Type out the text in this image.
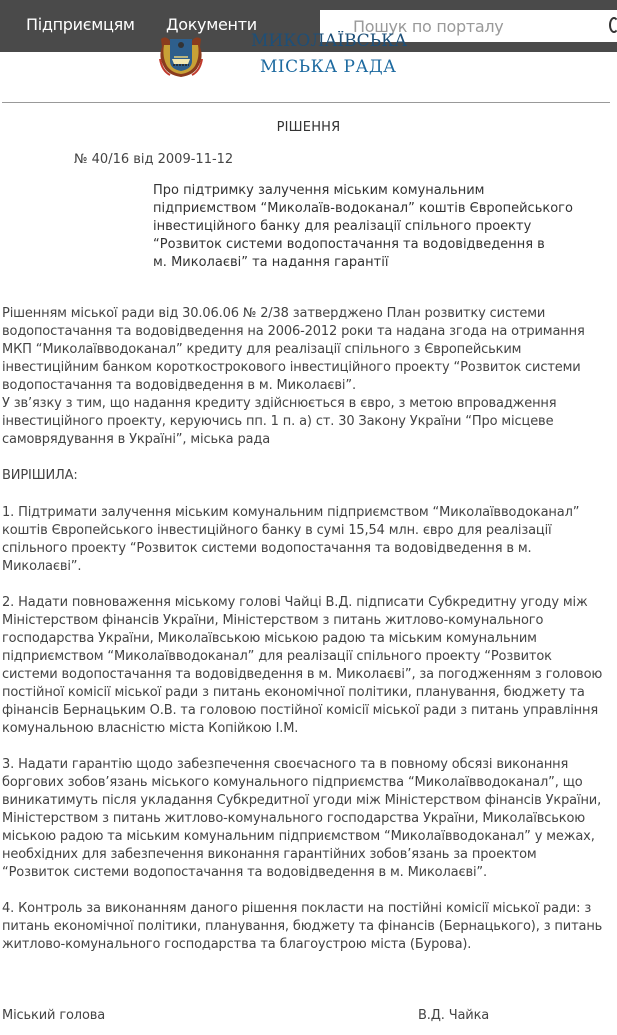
Підприємцям Документи
Пошук по порталу
МИКОЛАЇВСЬКА
МІСЬКА РАДА
РІШЕННЯ
№ 40/16 від 2009-11-12
Про підтримку залучення міським комунальним
підприємством “Миколаїв-водоканал” коштів Європейського
інвестиційного банку для реалізації спільного проекту
“Розвиток системи водопостачання та водовідведення в
м. Миколаєві” та надання гарантії
Рішенням міської ради від 30.06.06 № 2/38 затверджено План розвитку системи
водопостачання та водовідведення на 2006-2012 роки та надана згода на отримання
МКП “Миколаївводоканал” кредиту для реалізації спільного з Європейським
інвестиційним банком короткострокового інвестиційного проекту “Розвиток системи
водопостачання та водовідведення в м. Миколаєві”.
У зв’язку з тим, що надання кредиту здійснюється в євро, з метою впровадження
інвестиційного проекту, керуючись пп. 1 п. а) ст. 30 Закону України “Про місцеве
самоврядування в Україні”, міська рада
ВИРІШИЛА:
1. Підтримати залучення міським комунальним підприємством “Миколаївводоканал”
коштів Європейського інвестиційного банку в сумі 15,54 млн. євро для реалізації
спільного проекту “Розвиток системи водопостачання та водовідведення в м.
Миколаєві”.
2. Надати повноваження міському голові Чайці В.Д. підписати Субкредитну угоду між
Міністерством фінансів України, Міністерством з питань житлово-комунального
господарства України, Миколаївською міською радою та міським комунальним
підприємством “Миколаївводоканал” для реалізації спільного проекту “Розвиток
системи водопостачання та водовідведення в м. Миколаєві”, за погодженням з головою
постійної комісії міської ради з питань економічної політики, планування, бюджету та
фінансів Бернацьким О.В. та головою постійної комісії міської ради з питань управління
комунальною власністю міста Копійкою І.М.
3. Надати гарантію щодо забезпечення своєчасного та в повному обсязі виконання
боргових зобов’язань міського комунального підприємства “Миколаївводоканал”, що
виникатимуть після укладання Субкредитної угоди між Міністерством фінансів України,
Міністерством з питань житлово-комунального господарства України, Миколаївською
міською радою та міським комунальним підприємством “Миколаївводоканал” у межах,
необхідних для забезпечення виконання гарантійних зобов’язань за проектом
“Розвиток системи водопостачання та водовідведення в м. Миколаєві”.
4. Контроль за виконанням даного рішення покласти на постійні комісії міської ради: з
питань економічної політики, планування, бюджету та фінансів (Бернацького), з питань
житлово-комунального господарства та благоустрою міста (Бурова).
Міський голова	В.Д. Чайка
